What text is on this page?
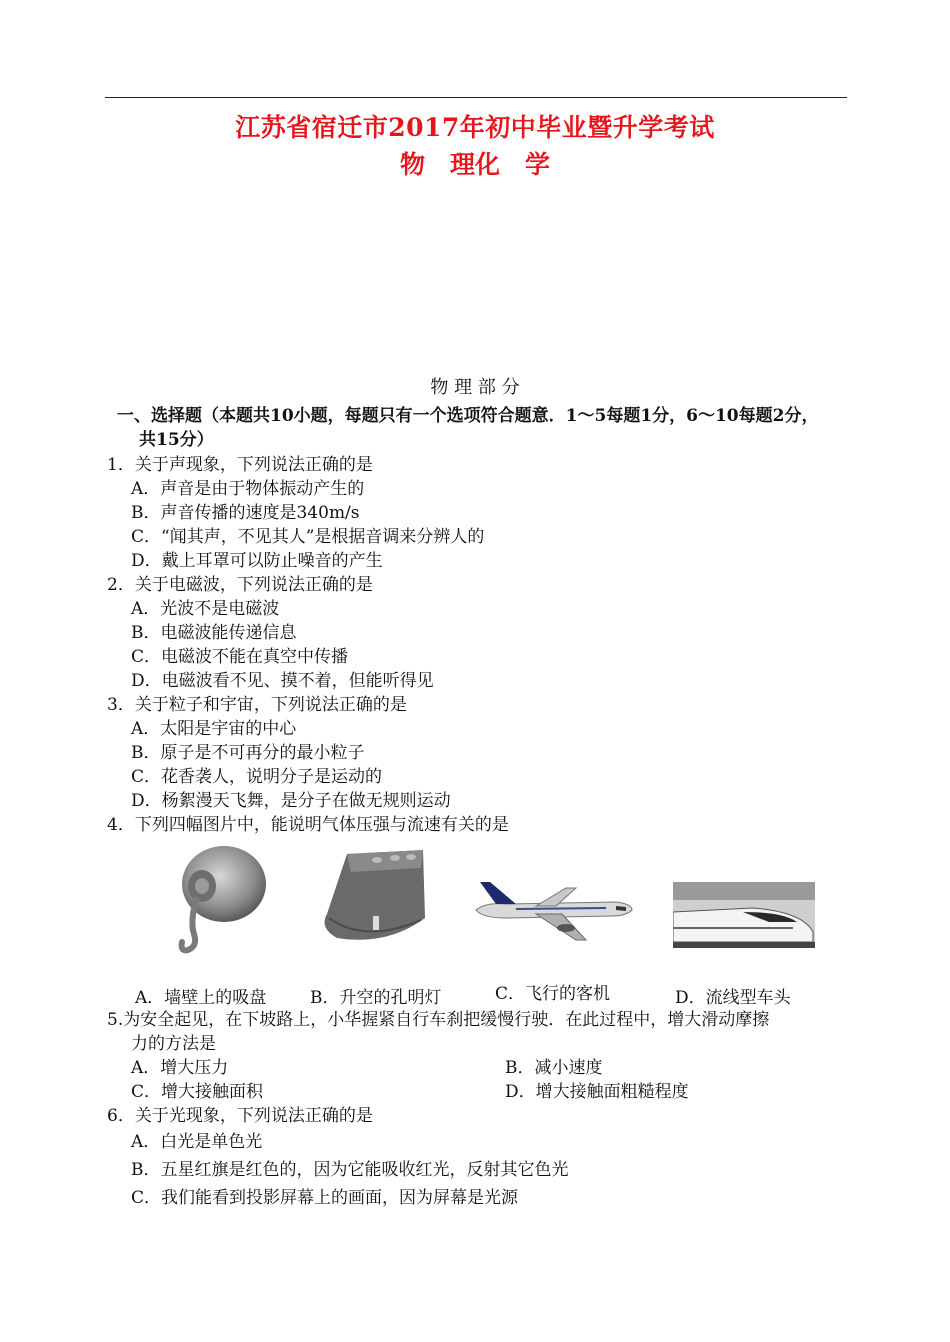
江苏省宿迁市2017年初中毕业暨升学考试
物　理化　学
物 理 部 分
一、选择题（本题共10小题，每题只有一个选项符合题意．1～5每题1分，6～10每题2分，
共15分）
1．关于声现象，下列说法正确的是
A．声音是由于物体振动产生的
B．声音传播的速度是340m/s
C．“闻其声，不见其人”是根据音调来分辨人的
D．戴上耳罩可以防止噪音的产生
2．关于电磁波，下列说法正确的是
A．光波不是电磁波
B．电磁波能传递信息
C．电磁波不能在真空中传播
D．电磁波看不见、摸不着，但能听得见
3．关于粒子和宇宙，下列说法正确的是
A．太阳是宇宙的中心
B．原子是不可再分的最小粒子
C．花香袭人，说明分子是运动的
D．杨絮漫天飞舞，是分子在做无规则运动
4．下列四幅图片中，能说明气体压强与流速有关的是
A．墙壁上的吸盘	B．升空的孔明灯	C．飞行的客机	D．流线型车头
5.为安全起见，在下坡路上，小华握紧自行车刹把缓慢行驶．在此过程中，增大滑动摩擦
力的方法是
A．增大压力	B．减小速度
C．增大接触面积	D．增大接触面粗糙程度
6．关于光现象，下列说法正确的是
A．白光是单色光
B．五星红旗是红色的，因为它能吸收红光，反射其它色光
C．我们能看到投影屏幕上的画面，因为屏幕是光源
